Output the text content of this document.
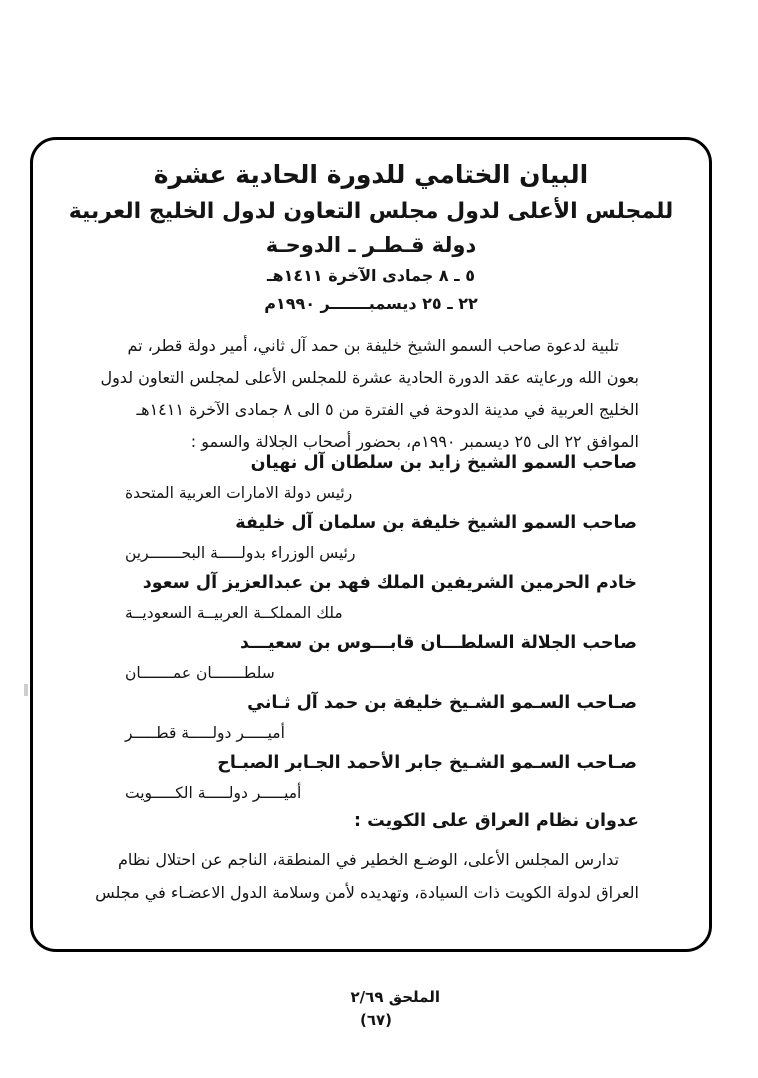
البيان الختامي للدورة الحادية عشرة
للمجلس الأعلى لدول مجلس التعاون لدول الخليج العربية
دولة قـطـر ـ الدوحـة
٥ ـ ٨ جمادى الآخرة ١٤١١هـ
٢٢ ـ ٢٥ ديسمبـــــــر ١٩٩٠م
تلبية لدعوة صاحب السمو الشيخ خليفة بن حمد آل ثاني، أمير دولة قطر، تم
بعون الله ورعايته عقد الدورة الحادية عشرة للمجلس الأعلى لمجلس التعاون لدول
الخليج العربية في مدينة الدوحة في الفترة من ٥ الى ٨ جمادى الآخرة ١٤١١هـ
الموافق ٢٢ الى ٢٥ ديسمبر ١٩٩٠م، بحضور أصحاب الجلالة والسمو :
صاحب السمو الشيخ زايد بن سلطان آل نهيان
رئيس دولة الامارات العربية المتحدة
صاحب السمو الشيخ خليفة بن سلمان آل خليفة
رئيس الوزراء بدولـــــة البحـــــــرين
خادم الحرمين الشريفين الملك فهد بن عبدالعزيز آل سعود
ملك المملكــة العربيــة السعوديــة
صاحب الجلالة السلطـــان قابـــوس بن سعيـــد
سلطـــــــان عمـــــــان
صـاحب السـمو الشـيخ خليفة بن حمد آل ثـاني
أميـــــر دولـــــة قطـــــر
صـاحب السـمو الشـيخ جابر الأحمد الجـابر الصبـاح
أميـــــر دولـــــة الكـــــويت
عدوان نظام العراق على الكويت :
تدارس المجلس الأعلى، الوضـع الخطير في المنطقة، الناجم عن احتلال نظام
العراق لدولة الكويت ذات السيادة، وتهديده لأمن وسلامة الدول الاعضـاء في مجلس
الملحق ٢/٦٩
(٦٧)
